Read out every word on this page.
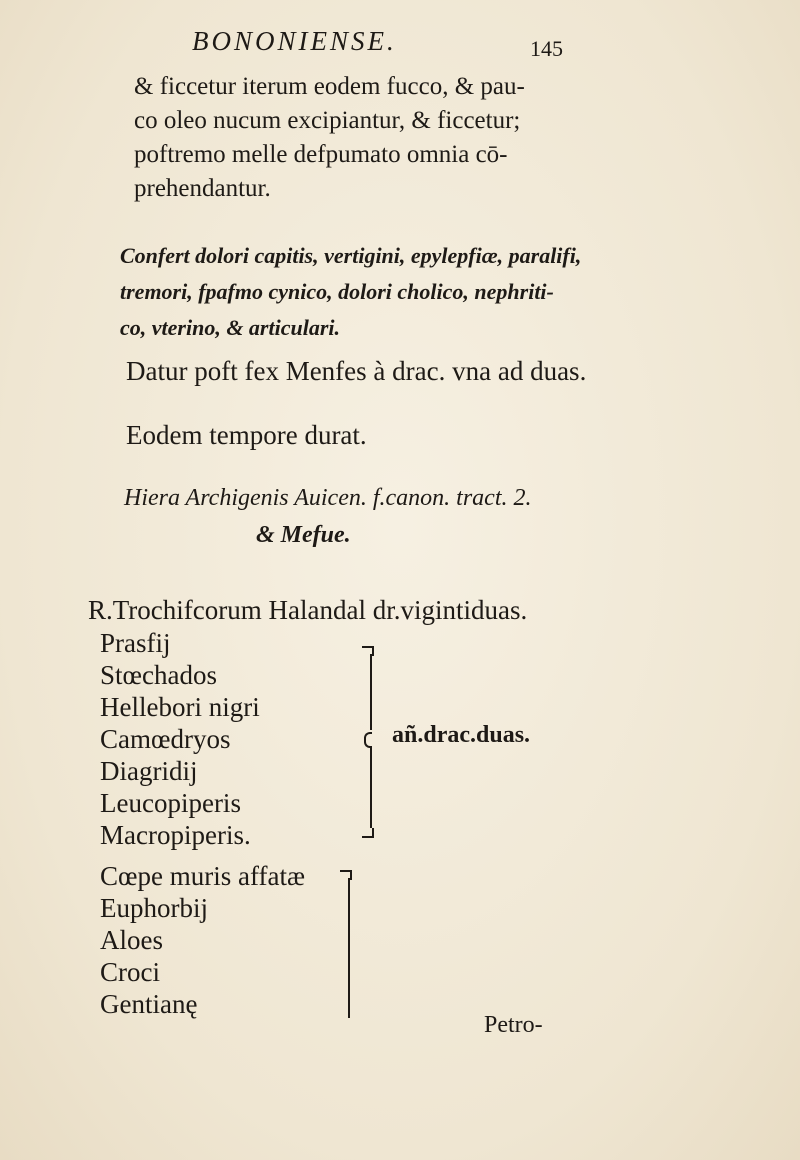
BONONIENSE.	145
& ficcetur iterum eodem fucco, & pau-
co oleo nucum excipiantur, & ficcetur;
poftremo melle defpumato omnia cō-
prehendantur.
Confert dolori capitis, vertigini, epylepfiæ, paralifi,
tremori, fpafmo cynico, dolori cholico, nephriti-
co, vterino, & articulari.
Datur poft fex Menfes à drac. vna ad duas.
Eodem tempore durat.
Hiera Archigenis Auicen. f.canon. tract. 2.
& Mefue.
R.Trochifcorum Halandal dr.vigintiduas.
Prasfij
Stœchados
Hellebori nigri
Camœdryos
Diagridij
Leucopiperis
Macropiperis.
añ.drac.duas.
Cœpe muris affatæ
Euphorbij
Aloes
Croci
Gentianę
Petro-
